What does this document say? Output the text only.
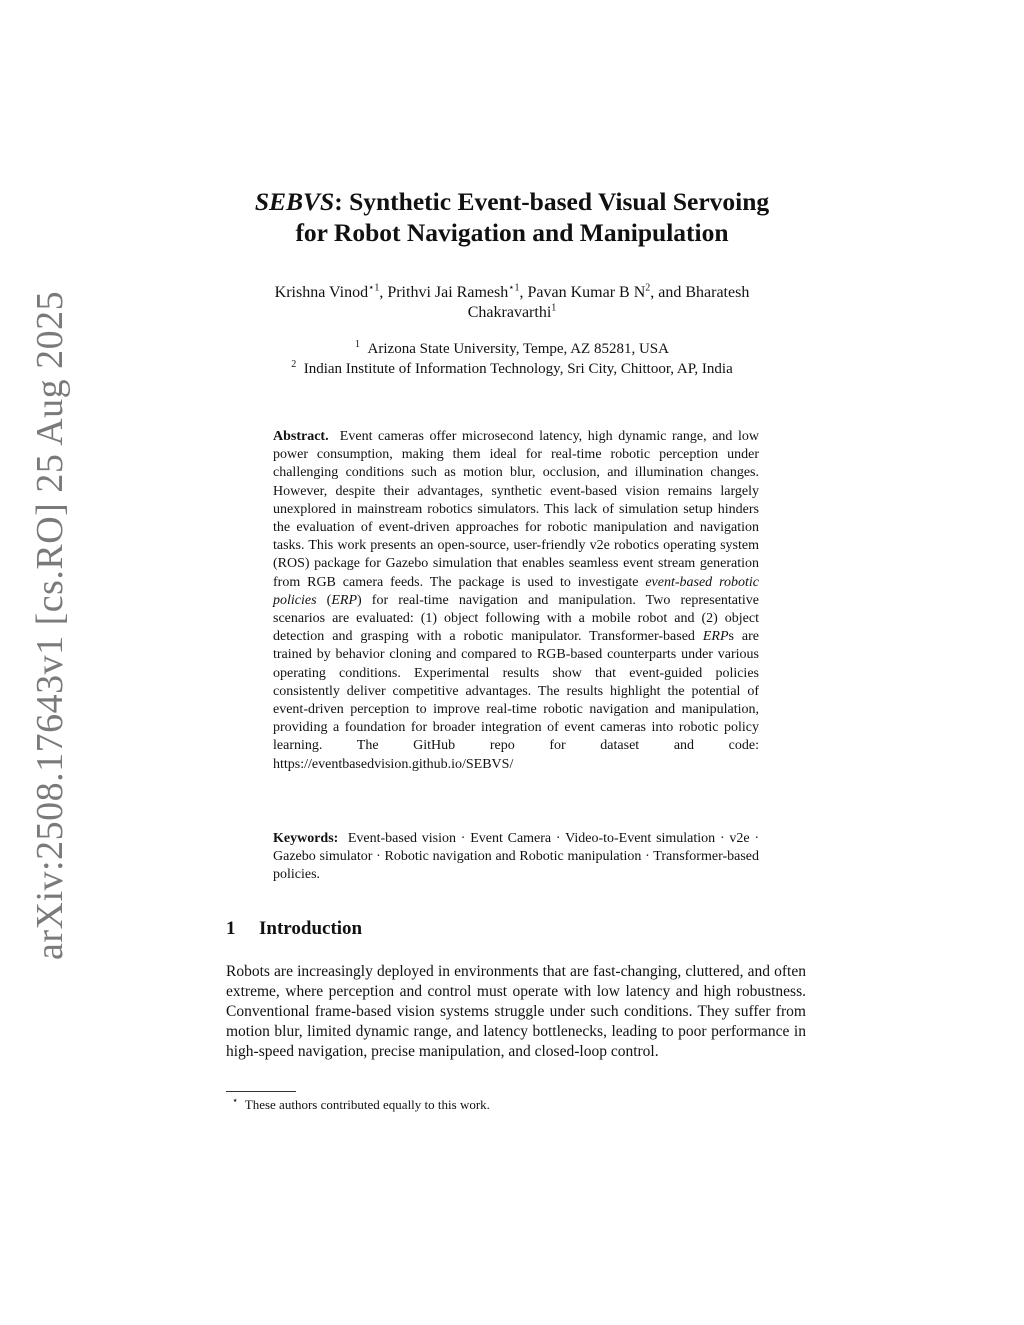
arXiv:2508.17643v1 [cs.RO] 25 Aug 2025
SEBVS: Synthetic Event-based Visual Servoing
for Robot Navigation and Manipulation
Krishna Vinod$^{⋆1}$, Prithvi Jai Ramesh$^{⋆1}$, Pavan Kumar B $N^2$, and Bharatesh
Chakravarthi$^1$
$^1$ Arizona State University, Tempe, AZ 85281, USA
$^2$ Indian Institute of Information Technology, Sri City, Chittoor, AP, India
Abstract. Event cameras offer microsecond latency, high dynamic range, and low power consumption, making them ideal for real-time robotic perception under challenging conditions such as motion blur, occlusion, and illumination changes. However, despite their advantages, synthetic event-based vision remains largely unexplored in mainstream robotics simulators. This lack of simulation setup hinders the evaluation of event-driven approaches for robotic manipulation and navigation tasks. This work presents an open-source, user-friendly v2e robotics operating system (ROS) package for Gazebo simulation that enables seamless event stream generation from RGB camera feeds. The package is used to investigate event-based robotic policies (ERP) for real-time navigation and manipulation. Two representative scenarios are evaluated: (1) object following with a mobile robot and (2) object detection and grasping with a robotic manipulator. Transformer-based ERPs are trained by behavior cloning and compared to RGB-based counterparts under various operating conditions. Experimental results show that event-guided policies consistently deliver competitive advantages. The results highlight the potential of event-driven perception to improve real-time robotic navigation and manipulation, providing a foundation for broader integration of event cameras into robotic policy learning. The GitHub repo for dataset and code: https://eventbasedvision.github.io/SEBVS/
Keywords: Event-based vision · Event Camera · Video-to-Event simulation · v2e · Gazebo simulator · Robotic navigation and Robotic manipulation · Transformer-based policies.
1 Introduction
Robots are increasingly deployed in environments that are fast-changing, cluttered, and often extreme, where perception and control must operate with low latency and high robustness. Conventional frame-based vision systems struggle under such conditions. They suffer from motion blur, limited dynamic range, and latency bottlenecks, leading to poor performance in high-speed navigation, precise manipulation, and closed-loop control.
⋆ These authors contributed equally to this work.
